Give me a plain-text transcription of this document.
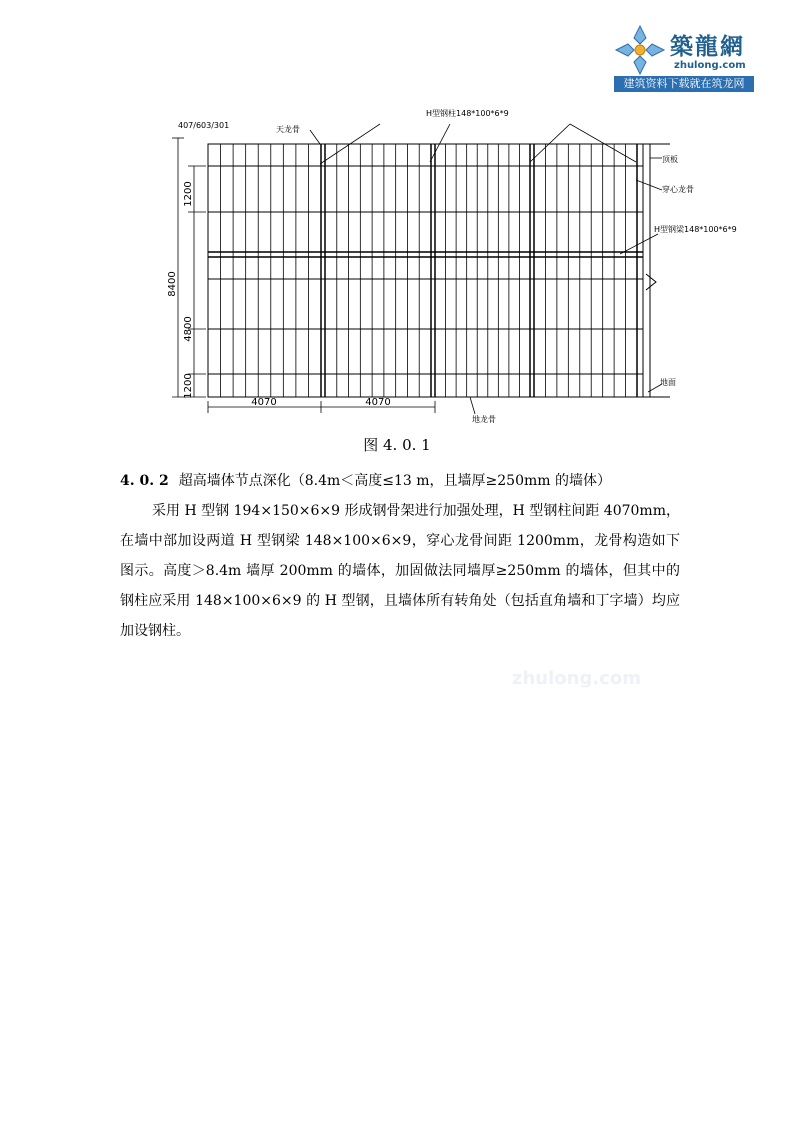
築龍網
zhulong.com
建筑资料下载就在筑龙网
407/603/301	天龙骨
H型钢柱148*100*6*9
顶板
穿心龙骨
H型钢梁148*100*6*9
地面
地龙骨
8400
4800
1200
1200
4070	4070
图 4. 0. 1
4. 0. 2 超高墙体节点深化（8.4m＜高度≤13 m，且墙厚≥250mm 的墙体）
采用 H 型钢 194×150×6×9 形成钢骨架进行加强处理，H 型钢柱间距 4070mm，在墙中部加设两道 H 型钢梁 148×100×6×9，穿心龙骨间距 1200mm，龙骨构造如下图示。高度＞8.4m 墙厚 200mm 的墙体，加固做法同墙厚≥250mm 的墙体，但其中的钢柱应采用 148×100×6×9 的 H 型钢，且墙体所有转角处（包括直角墙和丁字墙）均应加设钢柱。
zhulong.com
